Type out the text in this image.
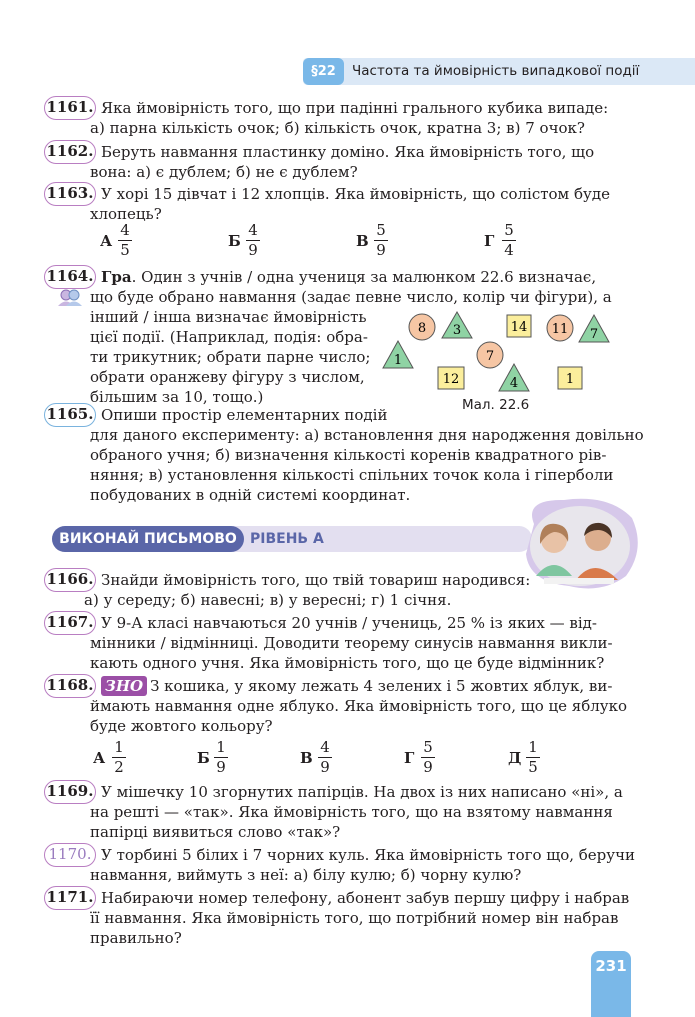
§22	Частота та ймовірність випадкової події
1161. Яка ймовірність того, що при падінні грального кубика випаде:
а) парна кількість очок; б) кількість очок, кратна 3; в) 7 очок?
1162. Беруть навмання пластинку доміно. Яка ймовірність того, що
вона: а) є дублем; б) не є дублем?
1163. У хорі 15 дівчат і 12 хлопців. Яка ймовірність, що солістом буде
хлопець?
А
4
5
Б
4
9
В
5
9
Г
5
4
1164. Гра. Один з учнів / одна учениця за малюнком 22.6 визначає,
що буде обрано навмання (задає певне число, колір чи фігури), а
інший / інша визначає ймовірність
цієї події. (Наприклад, подія: обра-
ти трикутник; обрати парне число;
обрати оранжеву фігуру з числом,
більшим за 10, тощо.)
8 3	14 11 7
1	7
12	4	1
Мал. 22.6
1165. Опиши простір елементарних подій
для даного експерименту: а) встановлення дня народження довільно
обраного учня; б) визначення кількості коренів квадратного рів-
няння; в) установлення кількості спільних точок кола і гіперболи
побудованих в одній системі координат.
ВИКОНАЙ ПИСЬМОВО РІВЕНЬ А
1166. Знайди ймовірність того, що твій товариш народився:
а) у середу; б) навесні; в) у вересні; г) 1 січня.
1167. У 9-А класі навчаються 20 учнів / учениць, 25 % із яких — від-
мінники / відмінниці. Доводити теорему синусів навмання викли-
кають одного учня. Яка ймовірність того, що це буде відмінник?
1168. ЗНО З кошика, у якому лежать 4 зелених і 5 жовтих яблук, ви-
ймають навмання одне яблуко. Яка ймовірність того, що це яблуко
буде жовтого кольору?
А
1
2
Б
1
9
В
4
9
Г
5
9
Д
1
5
1169. У мішечку 10 згорнутих папірців. На двох із них написано «ні», а
на решті — «так». Яка ймовірність того, що на взятому навмання
папірці виявиться слово «так»?
1170. У торбині 5 білих і 7 чорних куль. Яка ймовірність того що, беручи
навмання, виймуть з неї: а) білу кулю; б) чорну кулю?
1171. Набираючи номер телефону, абонент забув першу цифру і набрав
її навмання. Яка ймовірність того, що потрібний номер він набрав
правильно?
231
